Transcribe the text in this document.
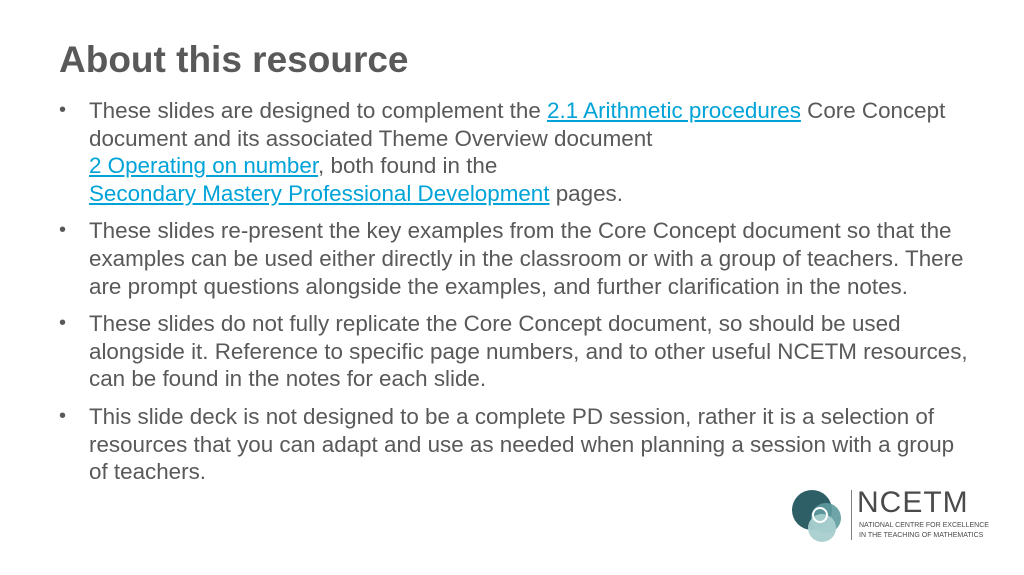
About this resource
• These slides are designed to complement the 2.1 Arithmetic procedures Core Concept document and its associated Theme Overview document
2 Operating on number, both found in the
Secondary Mastery Professional Development pages.
• These slides re-present the key examples from the Core Concept document so that the examples can be used either directly in the classroom or with a group of teachers. There are prompt questions alongside the examples, and further clarification in the notes.
• These slides do not fully replicate the Core Concept document, so should be used alongside it. Reference to specific page numbers, and to other useful NCETM resources, can be found in the notes for each slide.
• This slide deck is not designed to be a complete PD session, rather it is a selection of resources that you can adapt and use as needed when planning a session with a group of teachers.
NCETM
NATIONAL CENTRE FOR EXCELLENCE
IN THE TEACHING OF MATHEMATICS
